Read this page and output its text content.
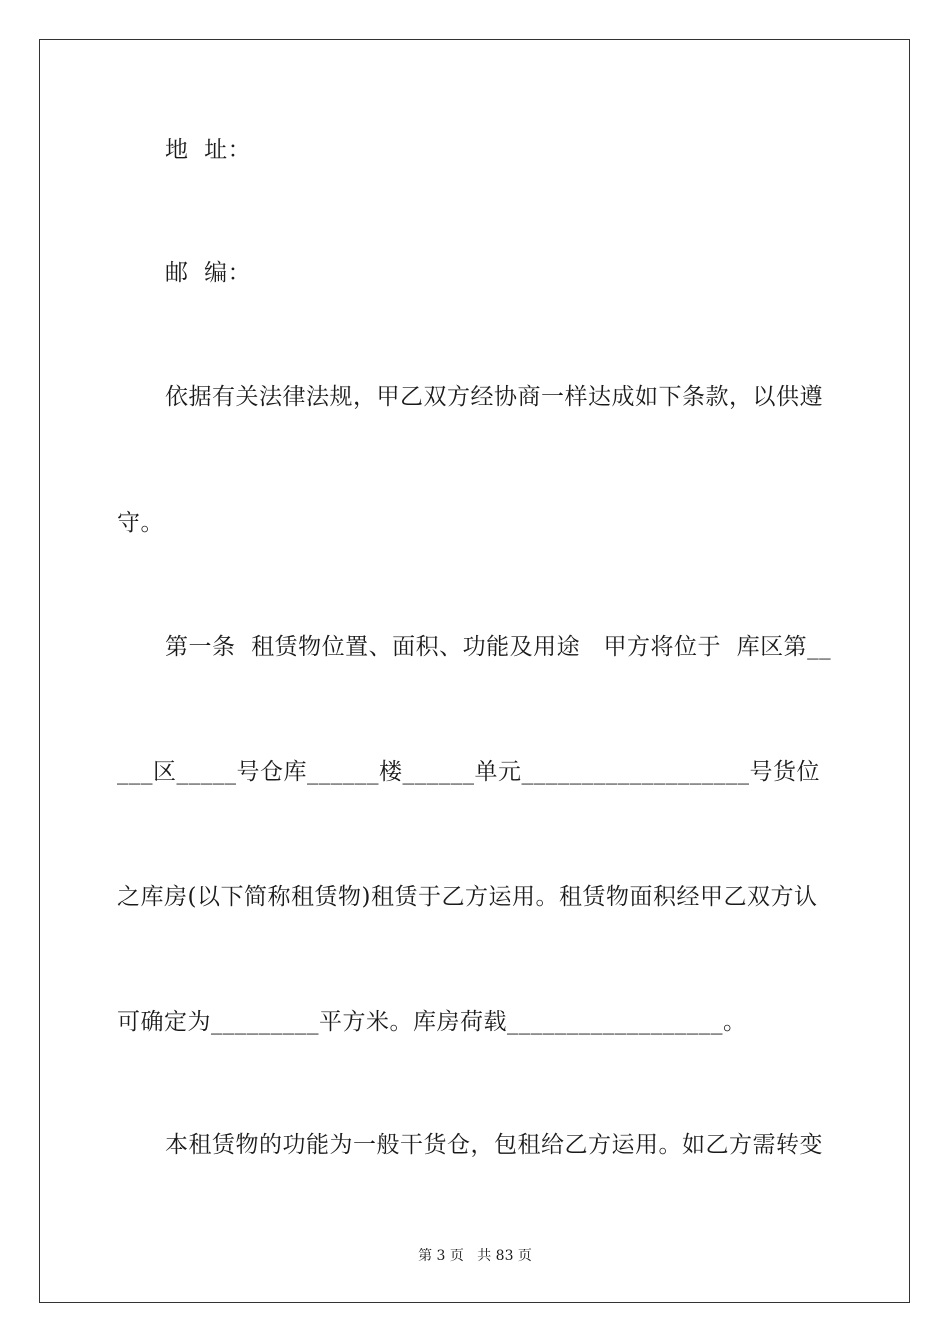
地  址：
邮  编：
依据有关法律法规，甲乙双方经协商一样达成如下条款，以供遵
守。
第一条  租赁物位置、面积、功能及用途   甲方将位于  库区第__
___区_____号仓库______楼______单元___________________号货位
之库房(以下简称租赁物)租赁于乙方运用。租赁物面积经甲乙双方认
可确定为_________平方米。库房荷载__________________。
本租赁物的功能为一般干货仓，包租给乙方运用。如乙方需转变
第 3 页   共 83 页
